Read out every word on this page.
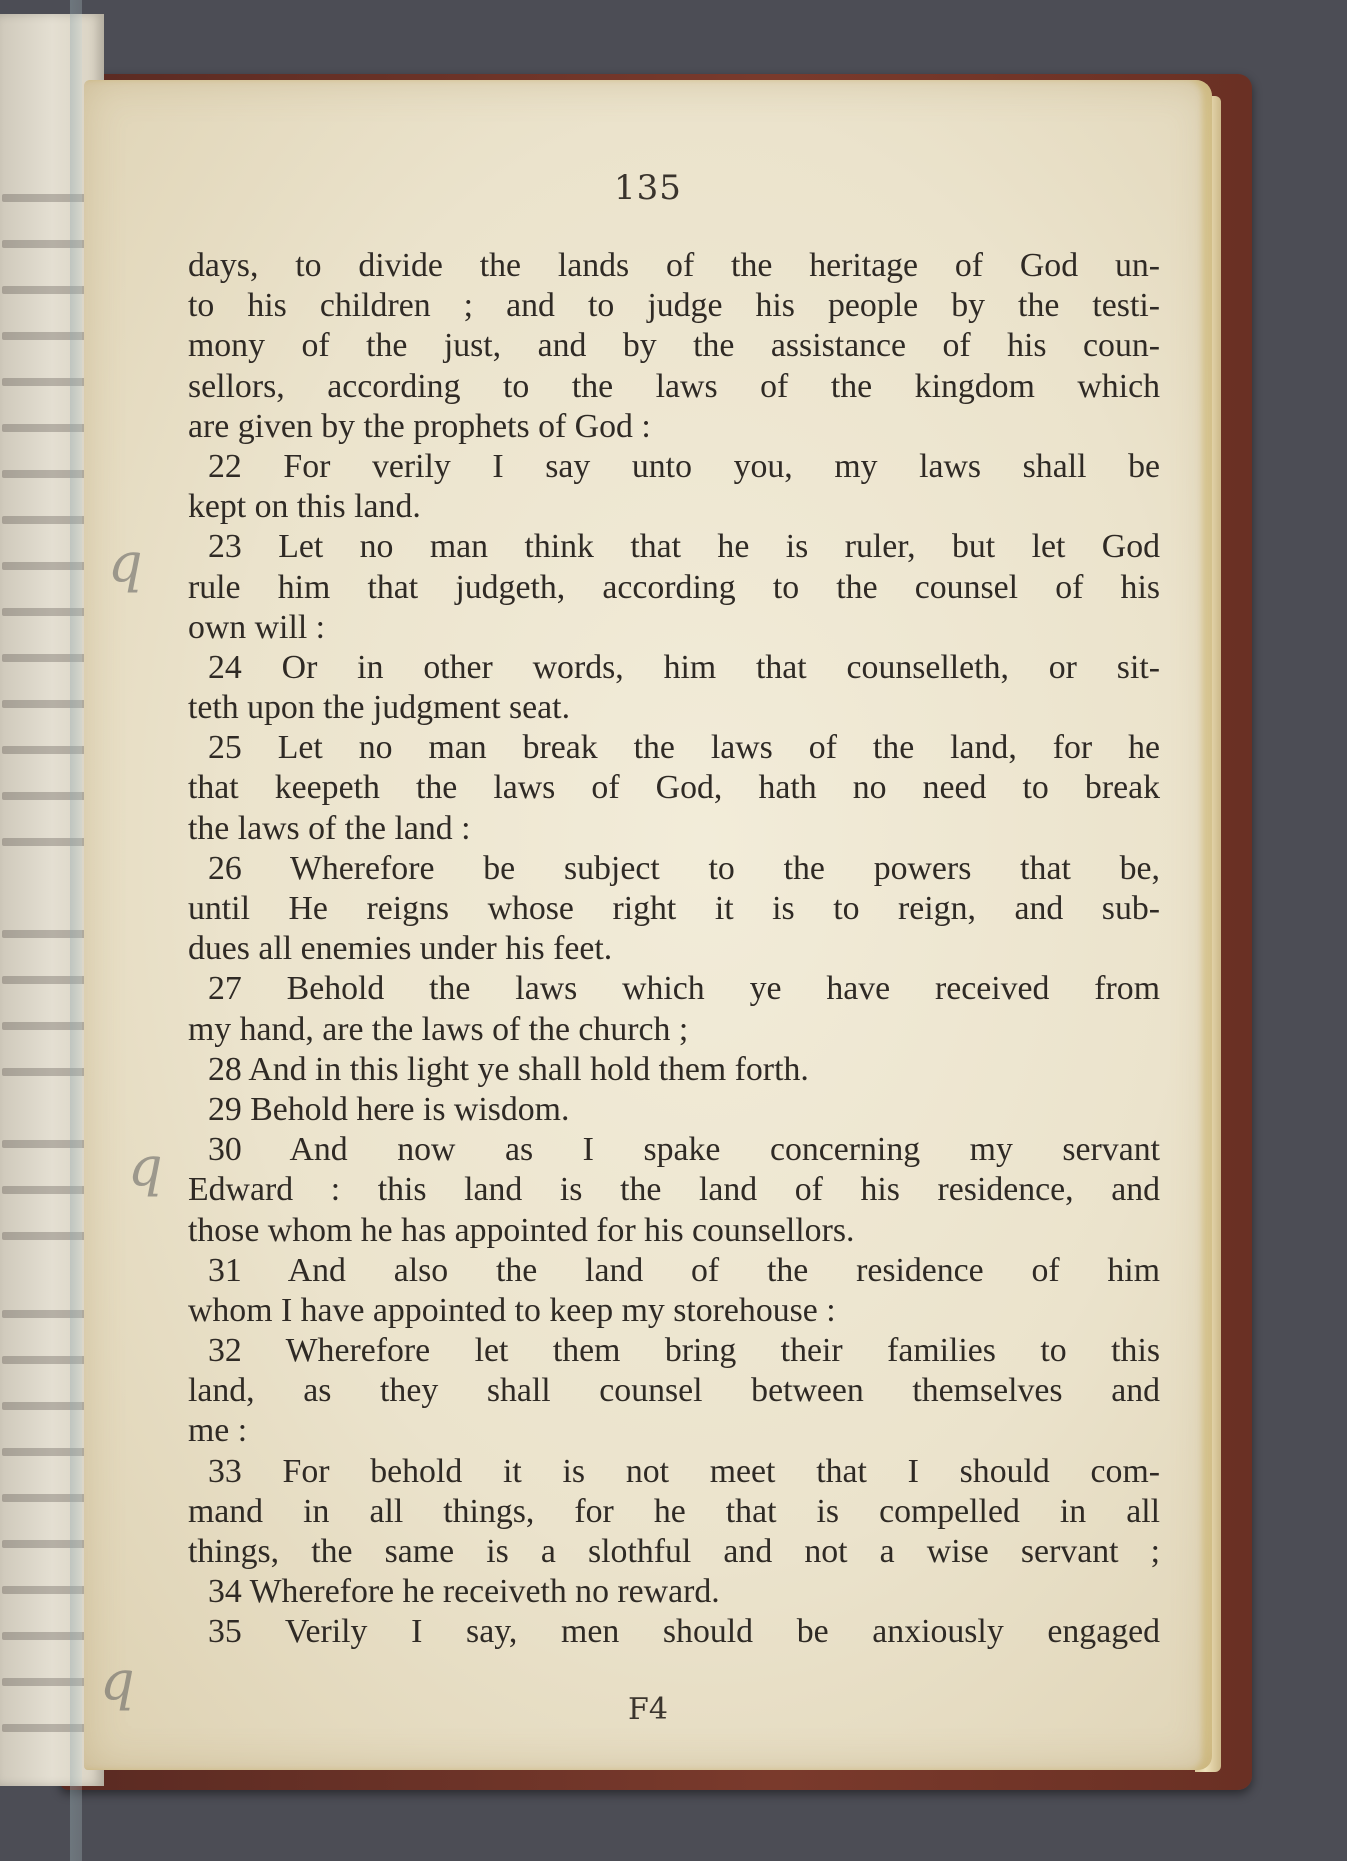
135
days, to divide the lands of the heritage of God un-
to his children ; and to judge his people by the testi-
mony of the just, and by the assistance of his coun-
sellors, according to the laws of the kingdom which
are given by the prophets of God :
22 For verily I say unto you, my laws shall be
kept on this land.
23 Let no man think that he is ruler, but let God
rule him that judgeth, according to the counsel of his
own will :
24 Or in other words, him that counselleth, or sit-
teth upon the judgment seat.
25 Let no man break the laws of the land, for he
that keepeth the laws of God, hath no need to break
the laws of the land :
26 Wherefore be subject to the powers that be,
until He reigns whose right it is to reign, and sub-
dues all enemies under his feet.
27 Behold the laws which ye have received from
my hand, are the laws of the church ;
28 And in this light ye shall hold them forth.
29 Behold here is wisdom.
30 And now as I spake concerning my servant
Edward : this land is the land of his residence, and
those whom he has appointed for his counsellors.
31 And also the land of the residence of him
whom I have appointed to keep my storehouse :
32 Wherefore let them bring their families to this
land, as they shall counsel between themselves and
me :
33 For behold it is not meet that I should com-
mand in all things, for he that is compelled in all
things, the same is a slothful and not a wise servant ;
34 Wherefore he receiveth no reward.
35 Verily I say, men should be anxiously engaged
F4
q
q
q
